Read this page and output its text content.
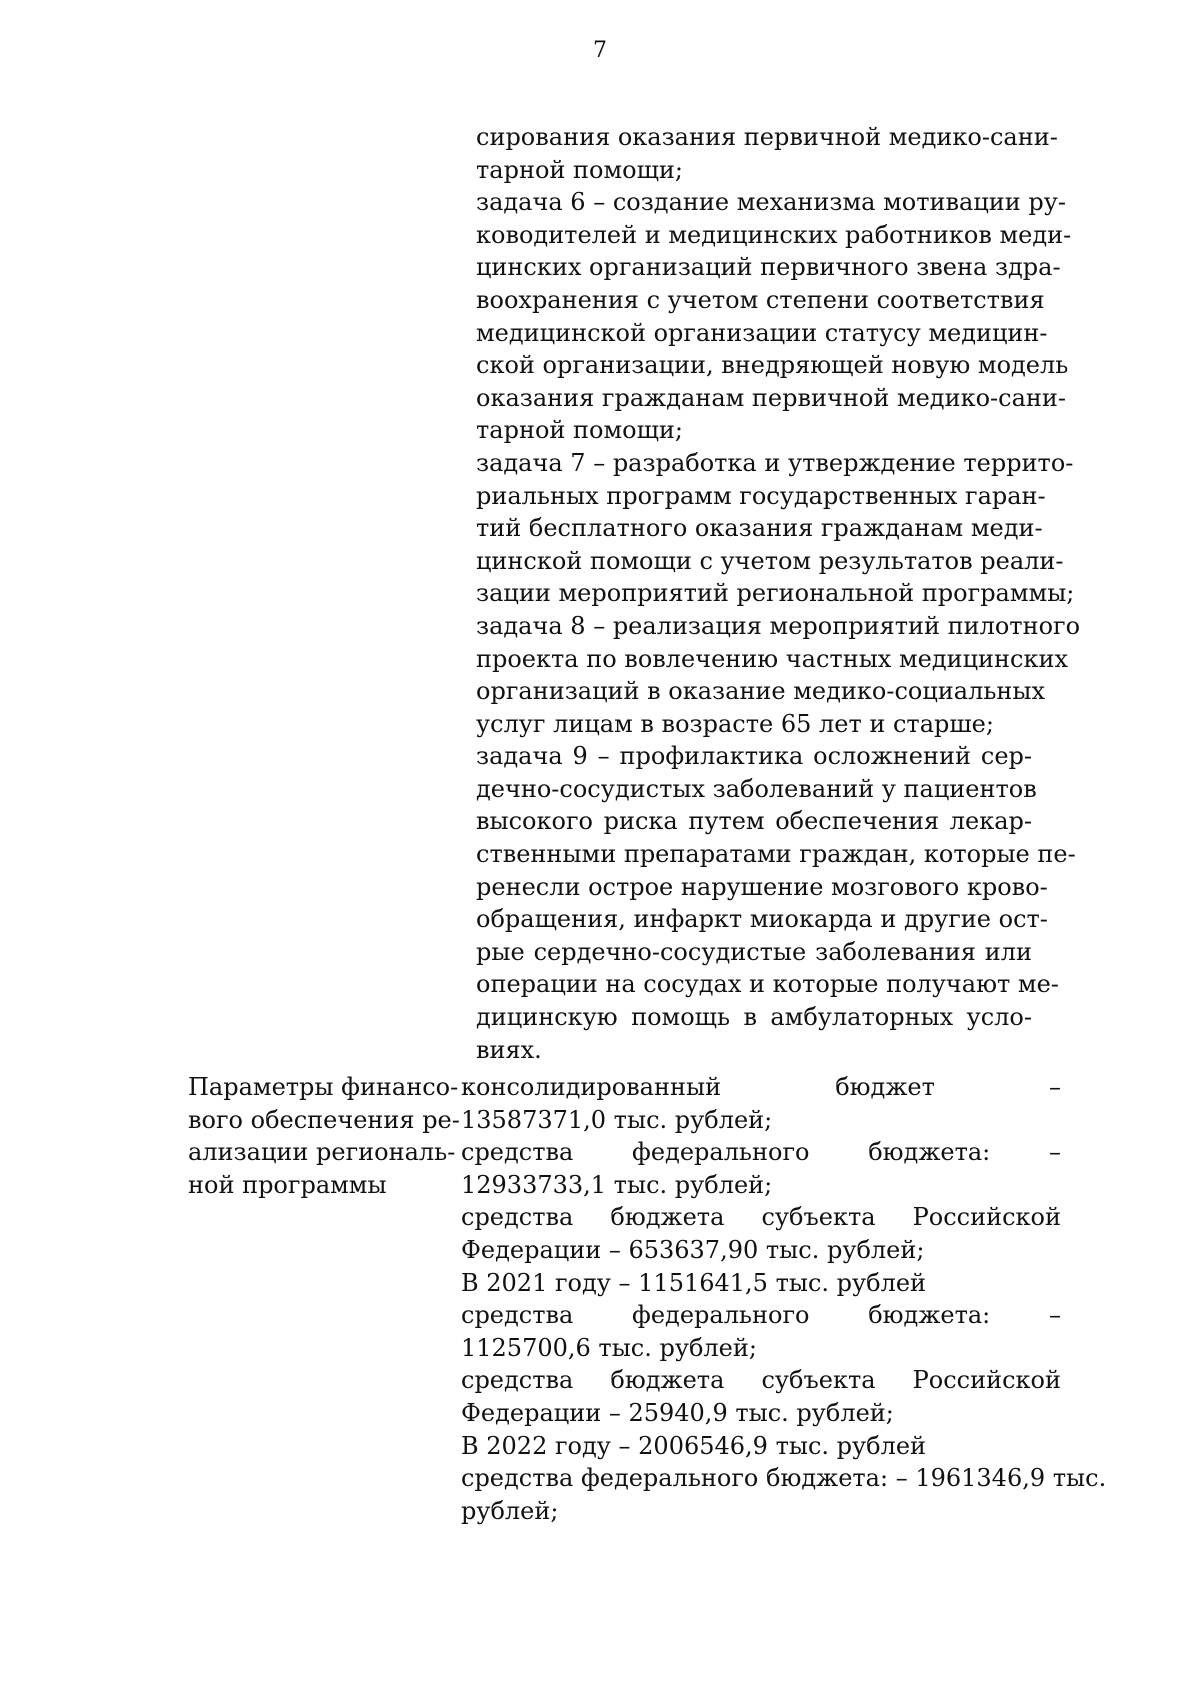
7
сирования оказания первичной медико-сани-
тарной помощи;
задача 6 – создание механизма мотивации ру-
ководителей и медицинских работников меди-
цинских организаций первичного звена здра-
воохранения с учетом степени соответствия
медицинской организации статусу медицин-
ской организации, внедряющей новую модель
оказания гражданам первичной медико-сани-
тарной помощи;
задача 7 – разработка и утверждение террито-
риальных программ государственных гаран-
тий бесплатного оказания гражданам меди-
цинской помощи с учетом результатов реали-
зации мероприятий региональной программы;
задача 8 – реализация мероприятий пилотного
проекта по вовлечению частных медицинских
организаций в оказание медико-социальных
услуг лицам в возрасте 65 лет и старше;
задача 9 – профилактика осложнений сер-
дечно-сосудистых заболеваний у пациентов
высокого риска путем обеспечения лекар-
ственными препаратами граждан, которые пе-
ренесли острое нарушение мозгового крово-
обращения, инфаркт миокарда и другие ост-
рые сердечно-сосудистые заболевания или
операции на сосудах и которые получают ме-
дицинскую помощь в амбулаторных усло-
виях.
Параметры финансо-
вого обеспечения ре-
ализации региональ-
ной программы
консолидированный бюджет –
13587371,0 тыс. рублей;
средства федерального бюджета: –
12933733,1 тыс. рублей;
средства бюджета субъекта Российской
Федерации – 653637,90 тыс. рублей;
В 2021 году – 1151641,5 тыс. рублей
средства федерального бюджета: –
1125700,6 тыс. рублей;
средства бюджета субъекта Российской
Федерации – 25940,9 тыс. рублей;
В 2022 году – 2006546,9 тыс. рублей
средства федерального бюджета: – 1961346,9 тыс.
рублей;
